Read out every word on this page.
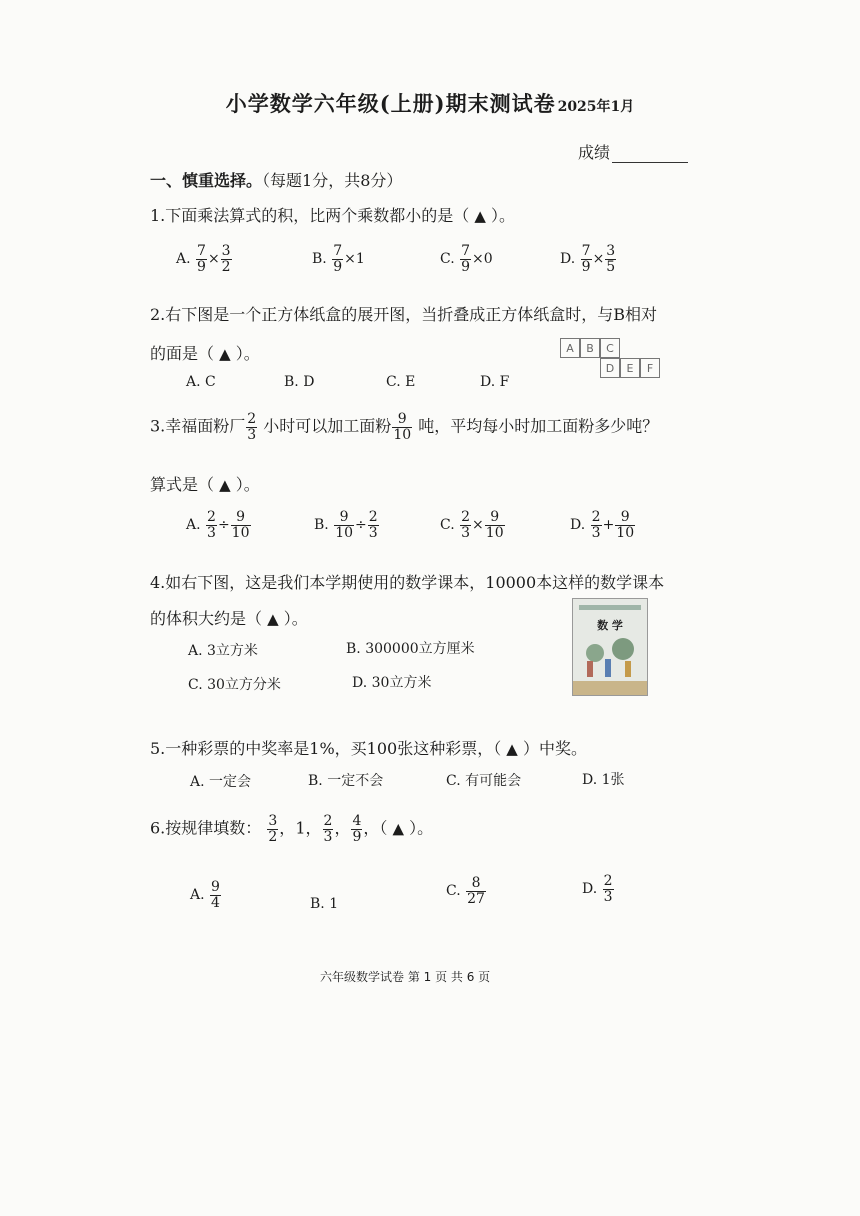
小学数学六年级(上册)期末测试卷 2025年1月
成绩
一、慎重选择。（每题1分，共8分）
1.下面乘法算式的积，比两个乘数都小的是（ ▲ ）。
A. $\frac{7}{9} \times \frac{3}{2}$	B. $\frac{7}{9} \times 1$	C. $\frac{7}{9} \times 0$	D. $\frac{7}{9} \times \frac{3}{5}$
2.右下图是一个正方体纸盒的展开图，当折叠成正方体纸盒时，与B相对
的面是（ ▲ ）。
A. C	B. D	C. E	D. F
A	B	C
D	E	F
3.幸福面粉厂 $\frac{2}{3}$ 小时可以加工面粉 $\frac{9}{10}$ 吨，平均每小时加工面粉多少吨？
算式是（ ▲ ）。
A. $\frac{2}{3} \div \frac{9}{10}$	B. $\frac{9}{10} \div \frac{2}{3}$	C. $\frac{2}{3} \times \frac{9}{10}$	D. $\frac{2}{3} + \frac{9}{10}$
4.如右下图，这是我们本学期使用的数学课本，10000本这样的数学课本
的体积大约是（ ▲ ）。
A. 3立方米	B. 300000立方厘米
C. 30立方分米	D. 30立方米
数 学
5.一种彩票的中奖率是1%，买100张这种彩票，（ ▲ ）中奖。
A. 一定会	B. 一定不会	C. 有可能会	D. 1张
6.按规律填数： $\frac{3}{2}$ ，1， $\frac{2}{3}$ ， $\frac{4}{9}$ ，（ ▲ ）。
A. $\frac{9}{4}$	B. 1
C. $\frac{8}{27}$	D. $\frac{2}{3}$
六年级数学试卷 第 1 页 共 6 页
